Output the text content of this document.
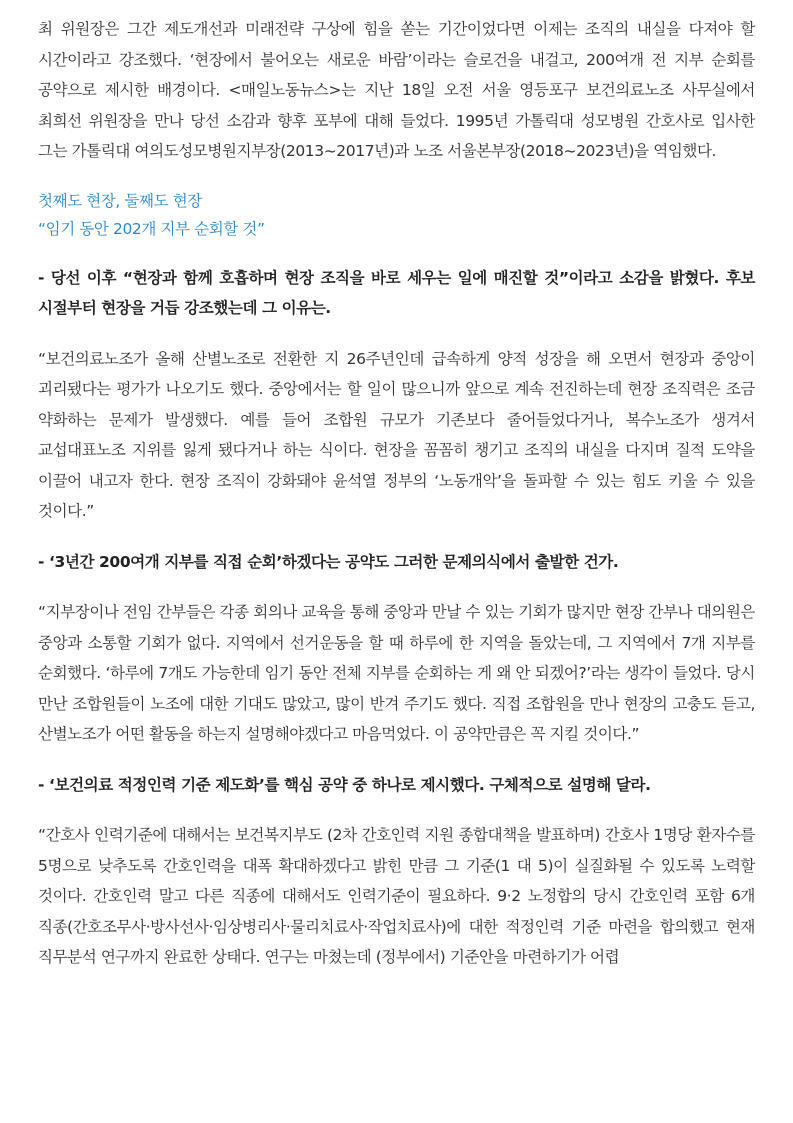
최 위원장은 그간 제도개선과 미래전략 구상에 힘을 쏟는 기간이었다면 이제는 조직의 내실을 다져야 할 시간이라고 강조했다. ‘현장에서 불어오는 새로운 바람’이라는 슬로건을 내걸고, 200여개 전 지부 순회를 공약으로 제시한 배경이다. <매일노동뉴스>는 지난 18일 오전 서울 영등포구 보건의료노조 사무실에서 최희선 위원장을 만나 당선 소감과 향후 포부에 대해 들었다. 1995년 가톨릭대 성모병원 간호사로 입사한 그는 가톨릭대 여의도성모병원지부장(2013~2017년)과 노조 서울본부장(2018~2023년)을 역임했다.

첫째도 현장, 둘째도 현장
“임기 동안 202개 지부 순회할 것”

- 당선 이후 “현장과 함께 호흡하며 현장 조직을 바로 세우는 일에 매진할 것”이라고 소감을 밝혔다. 후보 시절부터 현장을 거듭 강조했는데 그 이유는.

“보건의료노조가 올해 산별노조로 전환한 지 26주년인데 급속하게 양적 성장을 해 오면서 현장과 중앙이 괴리됐다는 평가가 나오기도 했다. 중앙에서는 할 일이 많으니까 앞으로 계속 전진하는데 현장 조직력은 조금 약화하는 문제가 발생했다. 예를 들어 조합원 규모가 기존보다 줄어들었다거나, 복수노조가 생겨서 교섭대표노조 지위를 잃게 됐다거나 하는 식이다. 현장을 꼼꼼히 챙기고 조직의 내실을 다지며 질적 도약을 이끌어 내고자 한다. 현장 조직이 강화돼야 윤석열 정부의 ‘노동개악’을 돌파할 수 있는 힘도 키울 수 있을 것이다.”

- ‘3년간 200여개 지부를 직접 순회’하겠다는 공약도 그러한 문제의식에서 출발한 건가.

“지부장이나 전임 간부들은 각종 회의나 교육을 통해 중앙과 만날 수 있는 기회가 많지만 현장 간부나 대의원은 중앙과 소통할 기회가 없다. 지역에서 선거운동을 할 때 하루에 한 지역을 돌았는데, 그 지역에서 7개 지부를 순회했다. ‘하루에 7개도 가능한데 임기 동안 전체 지부를 순회하는 게 왜 안 되겠어?’라는 생각이 들었다. 당시 만난 조합원들이 노조에 대한 기대도 많았고, 많이 반겨 주기도 했다. 직접 조합원을 만나 현장의 고충도 듣고, 산별노조가 어떤 활동을 하는지 설명해야겠다고 마음먹었다. 이 공약만큼은 꼭 지킬 것이다.”

- ‘보건의료 적정인력 기준 제도화’를 핵심 공약 중 하나로 제시했다. 구체적으로 설명해 달라.

“간호사 인력기준에 대해서는 보건복지부도 (2차 간호인력 지원 종합대책을 발표하며) 간호사 1명당 환자수를 5명으로 낮추도록 간호인력을 대폭 확대하겠다고 밝힌 만큼 그 기준(1 대 5)이 실질화될 수 있도록 노력할 것이다. 간호인력 말고 다른 직종에 대해서도 인력기준이 필요하다. 9·2 노정합의 당시 간호인력 포함 6개 직종(간호조무사·방사선사·임상병리사·물리치료사·작업치료사)에 대한 적정인력 기준 마련을 합의했고 현재 직무분석 연구까지 완료한 상태다. 연구는 마쳤는데 (정부에서) 기준안을 마련하기가 어렵
